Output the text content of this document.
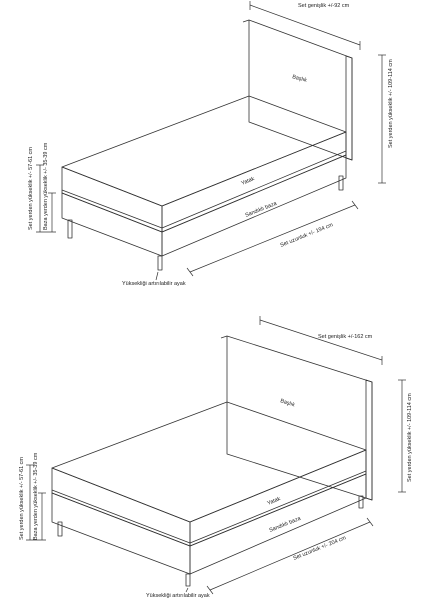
Set genişlik +/-92 cm
Set yerden yükseklik +/- 109-114 cm
Set uzunluk +/- 194 cm
Set yerden yükseklik +/- 57-61 cm Baza yerden yükseklik +/- 35-39 cm
Başlık
Yatak
Sandıklı baza
Yüksekliği artırılabilir ayak
Set genişlik +/-162 cm
Set yerden yükseklik +/- 109-114 cm
Set uzunluk +/- 204 cm
Set yerden yükseklik +/- 57-61 cm Baza yerden yükseklik +/- 35-39 cm
Başlık
Yatak
Sandıklı baza
Yüksekliği artırılabilir ayak
